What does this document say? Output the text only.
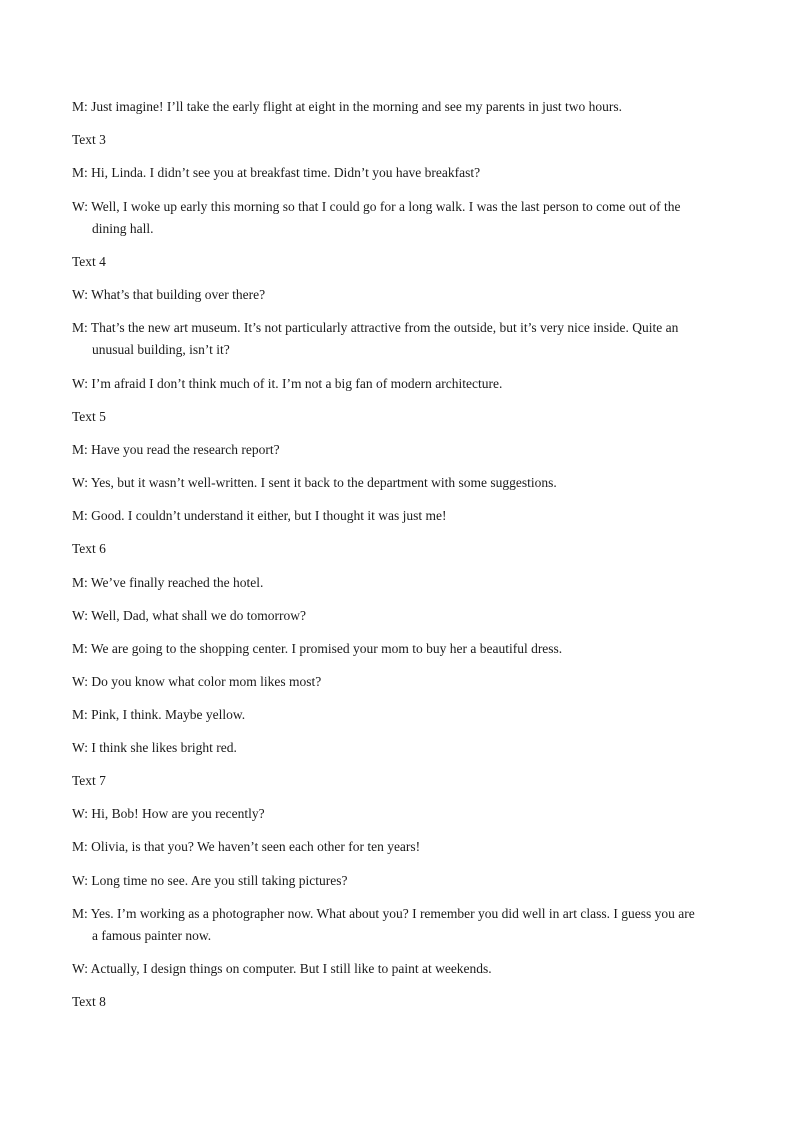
M: Just imagine! I’ll take the early flight at eight in the morning and see my parents in just two hours.

Text 3

M: Hi, Linda. I didn’t see you at breakfast time. Didn’t you have breakfast?

W: Well, I woke up early this morning so that I could go for a long walk. I was the last person to come out of the
dining hall.

Text 4

W: What’s that building over there?

M: That’s the new art museum. It’s not particularly attractive from the outside, but it’s very nice inside. Quite an
unusual building, isn’t it?

W: I’m afraid I don’t think much of it. I’m not a big fan of modern architecture.

Text 5

M: Have you read the research report?

W: Yes, but it wasn’t well-written. I sent it back to the department with some suggestions.

M: Good. I couldn’t understand it either, but I thought it was just me!

Text 6

M: We’ve finally reached the hotel.

W: Well, Dad, what shall we do tomorrow?

M: We are going to the shopping center. I promised your mom to buy her a beautiful dress.

W: Do you know what color mom likes most?

M: Pink, I think. Maybe yellow.

W: I think she likes bright red.

Text 7

W: Hi, Bob! How are you recently?

M: Olivia, is that you? We haven’t seen each other for ten years!

W: Long time no see. Are you still taking pictures?

M: Yes. I’m working as a photographer now. What about you? I remember you did well in art class. I guess you are
a famous painter now.

W: Actually, I design things on computer. But I still like to paint at weekends.

Text 8
